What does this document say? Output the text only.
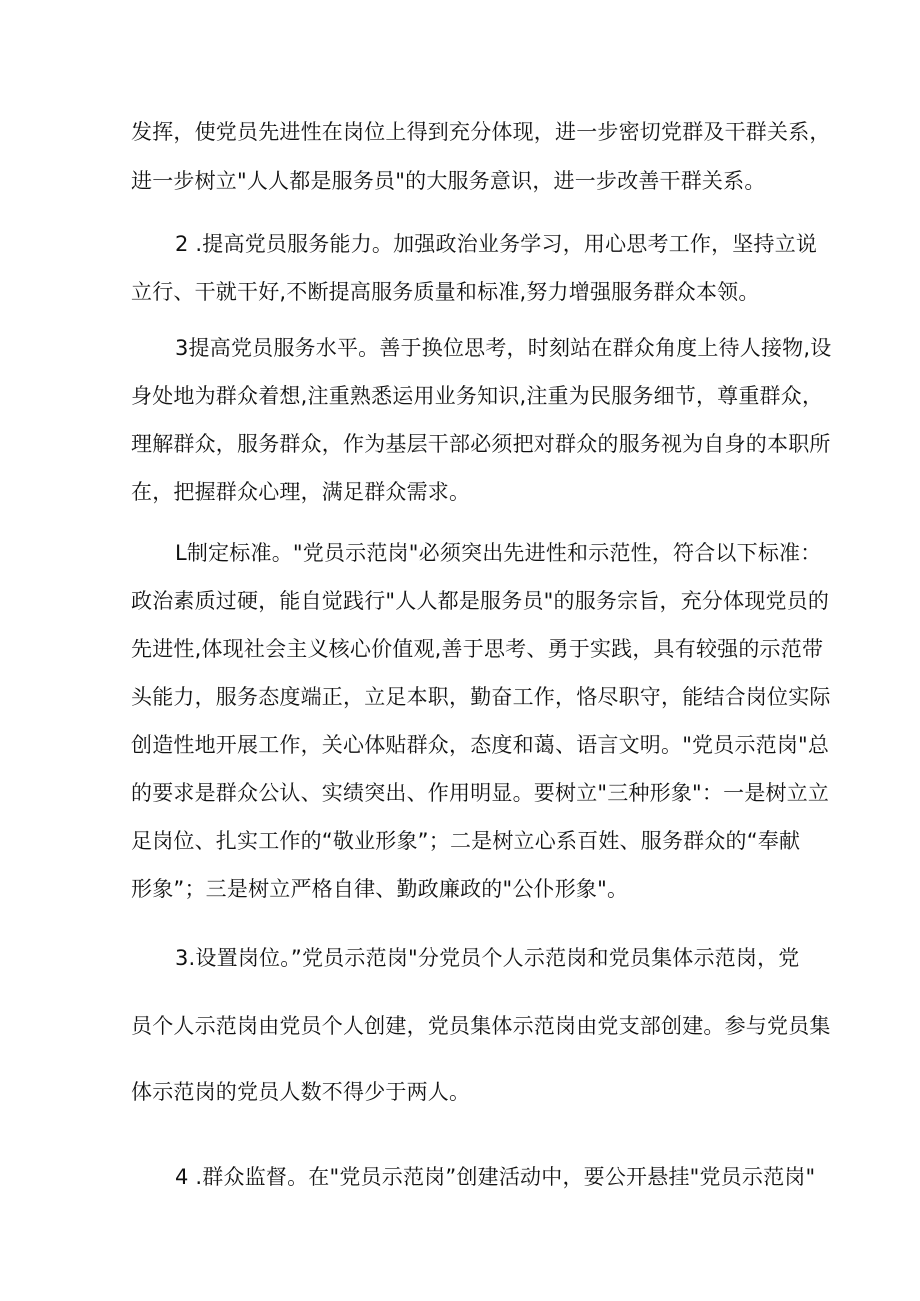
发挥，使党员先进性在岗位上得到充分体现，进一步密切党群及干群关系，
进一步树立"人人都是服务员"的大服务意识，进一步改善干群关系。
2 .提高党员服务能力。加强政治业务学习，用心思考工作，坚持立说
立行、干就干好,不断提高服务质量和标准,努力增强服务群众本领。
3提高党员服务水平。善于换位思考，时刻站在群众角度上待人接物,设
身处地为群众着想,注重熟悉运用业务知识,注重为民服务细节，尊重群众，
理解群众，服务群众，作为基层干部必须把对群众的服务视为自身的本职所
在，把握群众心理，满足群众需求。
L制定标准。"党员示范岗"必须突出先进性和示范性，符合以下标准：
政治素质过硬，能自觉践行"人人都是服务员"的服务宗旨，充分体现党员的
先进性,体现社会主义核心价值观,善于思考、勇于实践，具有较强的示范带
头能力，服务态度端正，立足本职，勤奋工作，恪尽职守，能结合岗位实际
创造性地开展工作，关心体贴群众，态度和蔼、语言文明。"党员示范岗"总
的要求是群众公认、实绩突出、作用明显。要树立"三种形象"：一是树立立
足岗位、扎实工作的“敬业形象”；二是树立心系百姓、服务群众的“奉献
形象”；三是树立严格自律、勤政廉政的"公仆形象"。
3.设置岗位。”党员示范岗"分党员个人示范岗和党员集体示范岗，党
员个人示范岗由党员个人创建，党员集体示范岗由党支部创建。参与党员集
体示范岗的党员人数不得少于两人。
4 .群众监督。在"党员示范岗”创建活动中，要公开悬挂"党员示范岗"
